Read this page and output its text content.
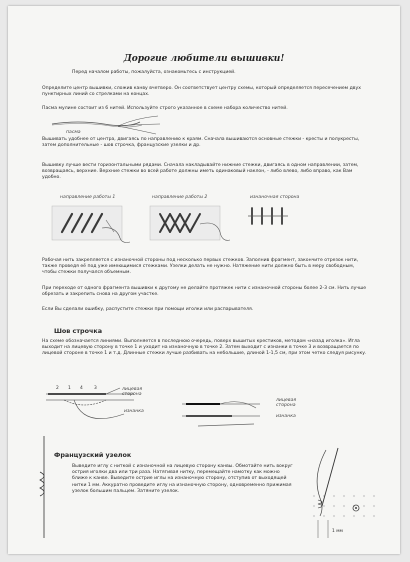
Дорогие любители вышивки!

Перед началом работы, пожалуйста, ознакомьтесь с инструкцией.

Определите центр вышивки, сложив канву вчетверо. Он соответствует центру схемы, который определяется пересечением двух пунктирных линий со стрелками на концах.

Пасма мулине состоит из 6 нитей. Используйте строго указанное в схеме набора количество нитей.

пасма

Вышивать удобнее от центра, двигаясь по направлению к краям. Сначала вышиваются основные стежки - кресты и полукресты, затем дополнительные - шов строчка, французские узелки и др.

Вышивку лучше вести горизонтальными рядами. Сначала накладывайте нижние стежки, двигаясь в одном направлении, затем, возвращаясь, верхние. Верхние стежки во всей работе должны иметь одинаковый наклон, - либо влево, либо вправо, как Вам удобно.

направление работы 1	направление работы 2	изнаночная сторона

Рабочая нить закрепляется с изнаночной стороны под несколько первых стежков. Заполнив фрагмент, закончите отрезок нити, также проведя её под уже имеющимися стежками. Узелки делать не нужно. Натяжение нити должно быть в меру свободным, чтобы стежки получался объемным.

При переходе от одного фрагмента вышивки к другому не делайте протяжек нити с изнаночной стороны более 2-3 см. Нить лучше обрезать и закрепить снова на другом участке.

Если Вы сделали ошибку, распустите стежки при помощи иголки или распарывателя.

Шов строчка

На схеме обозначается линиями. Выполняется в последнюю очередь, поверх вышитых крестиков, методом «назад иголка». Игла выходит на лицевую сторону в точке 1 и уходит на изнаночную в точке 2. Затем выходит с изнанки в точке 3 и возвращается по лицевой стороне в точке 1 и т.д. Длинные стежки лучше разбивать на небольшие, длиной 1-1,5 см, при этом четко следуя рисунку.

2 1 4	3	лицевая сторона
изнанка
лицевая сторона
изнанка
Французский узелок

Выведите иглу с ниткой с изнаночной на лицевую сторону канвы. Обмотайте нить вокруг острия иголки два или три раза. Натягивая нитку, перемещайте намотку как можно ближе к канве. Выведите острие иглы на изнаночную сторону, отступив от выходящей нитки 1 мм. Аккуратно проведите иглу на изнаночную сторону, одновременно прижимая узелок большим пальцем. Затяните узелок.

1 мм
